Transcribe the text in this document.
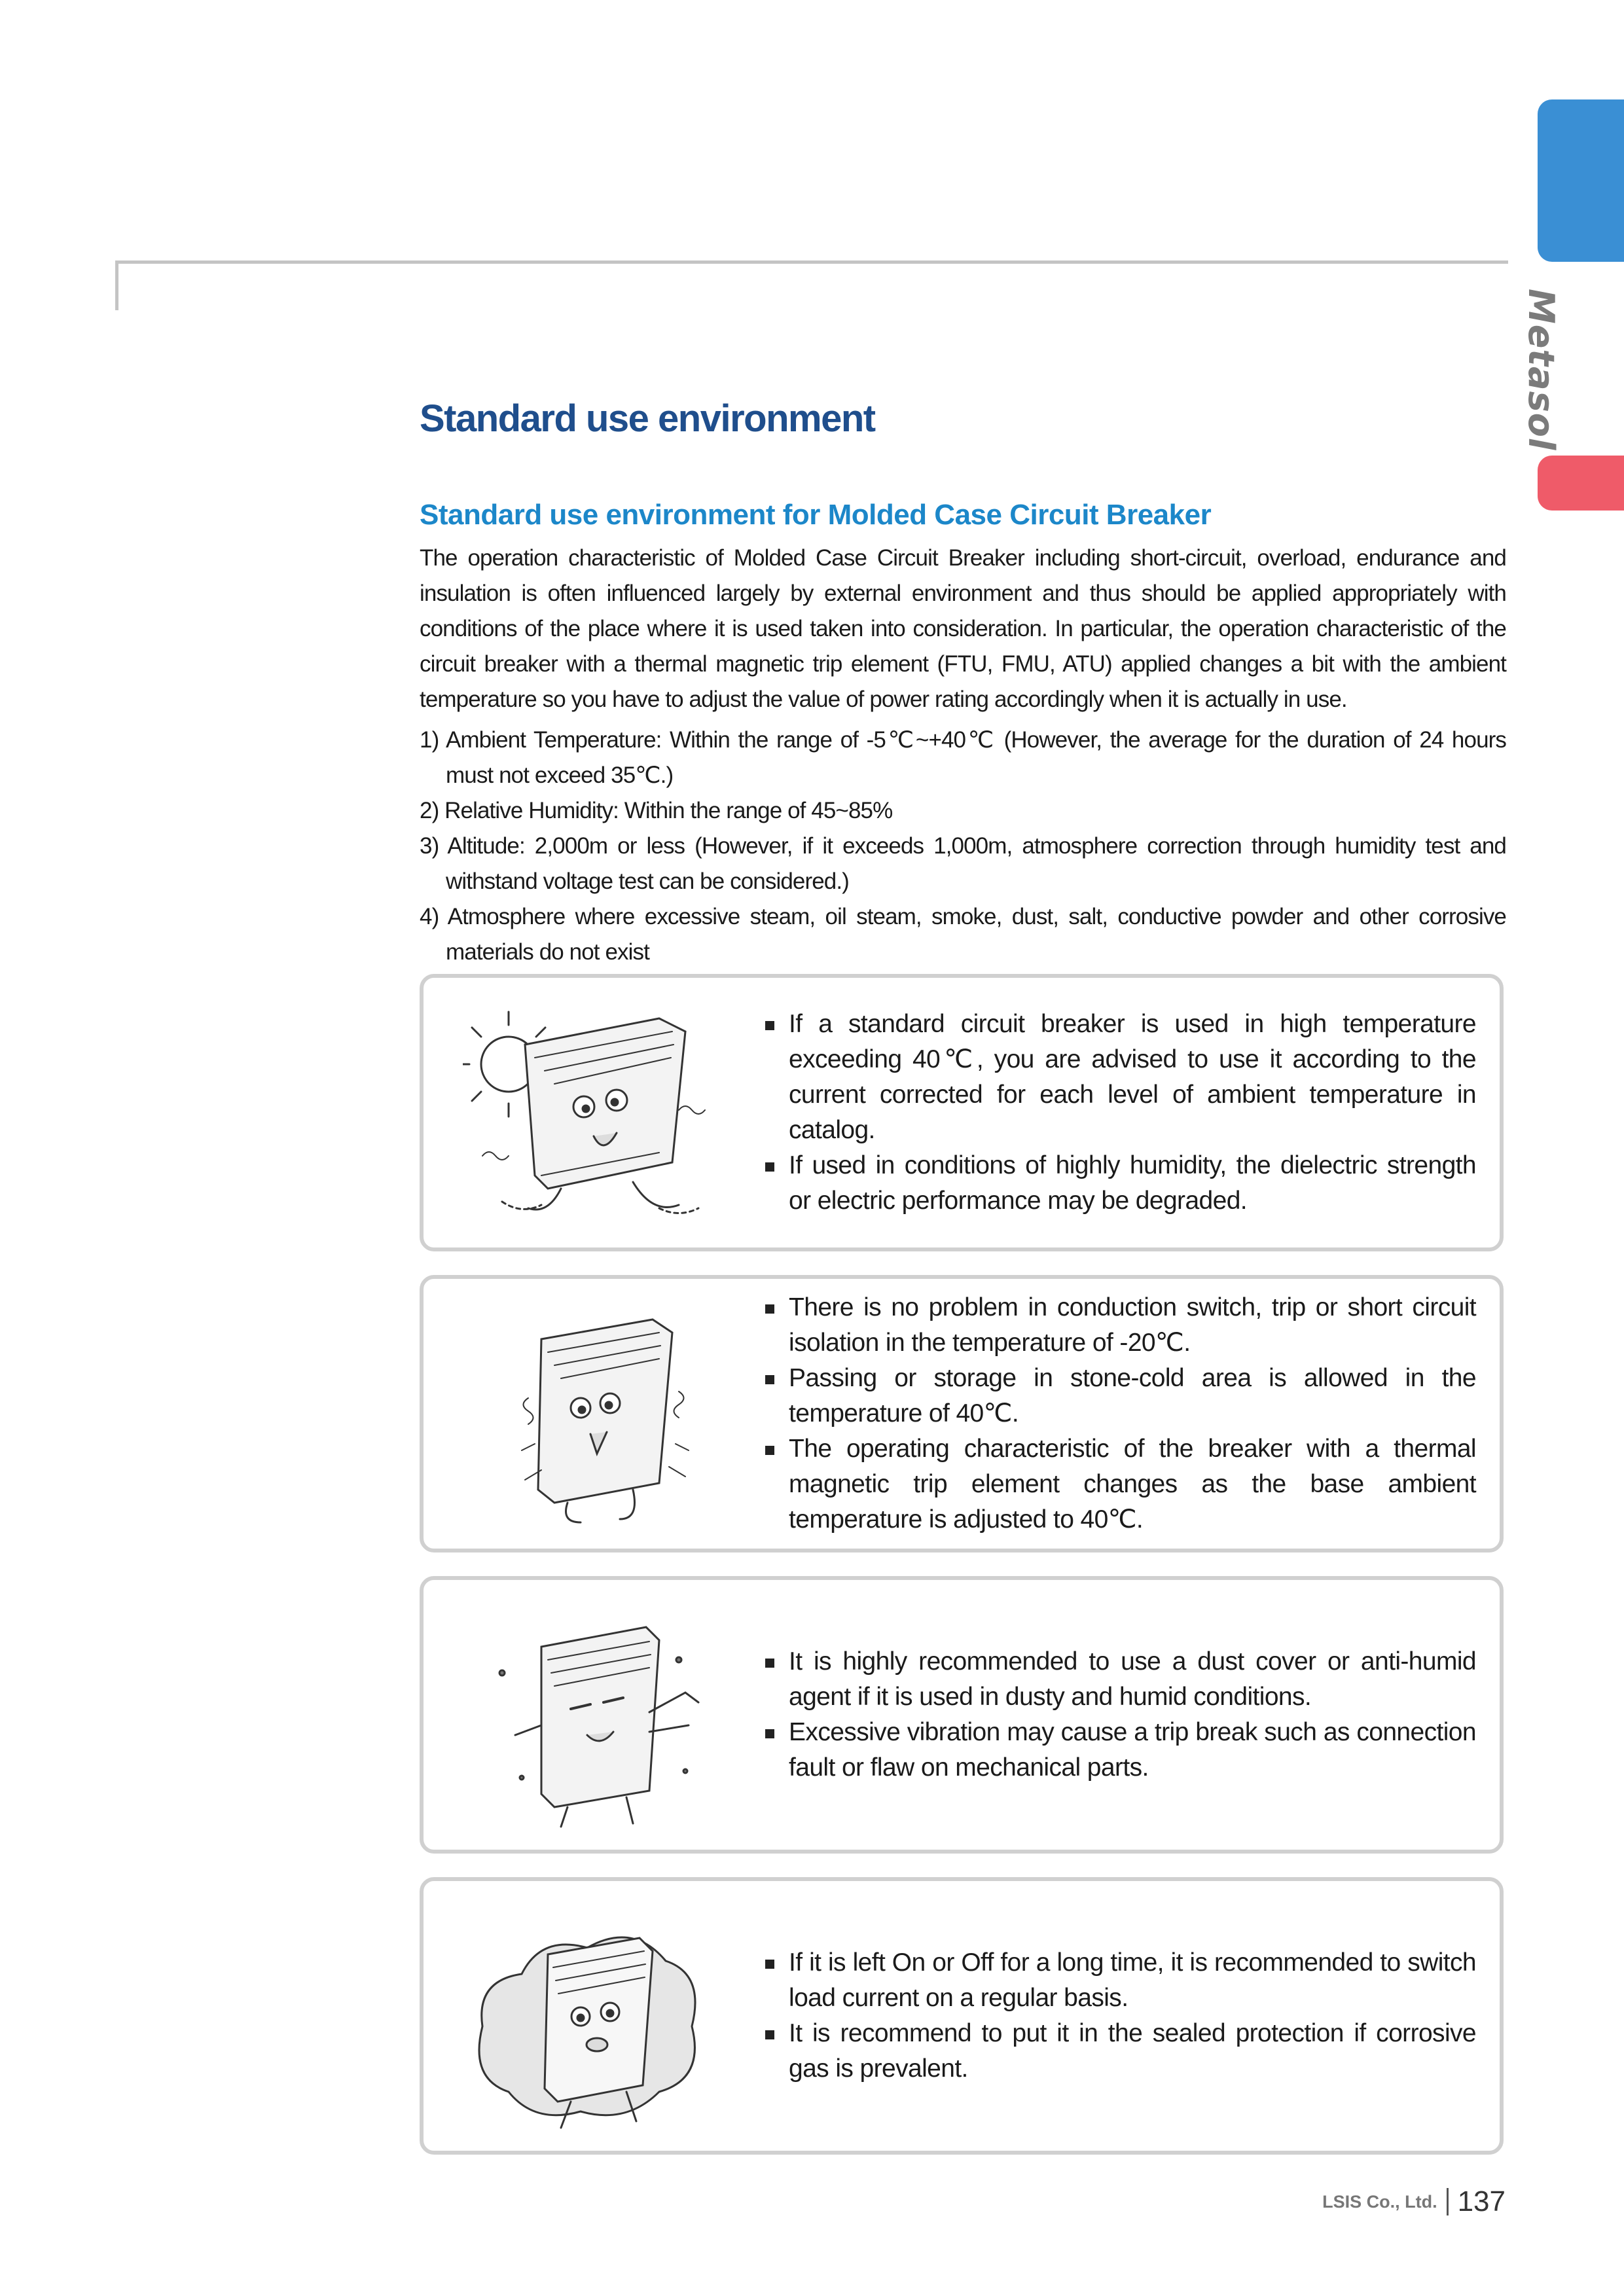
Metasol
Standard use environment
Standard use environment for Molded Case Circuit Breaker

The operation characteristic of Molded Case Circuit Breaker including short-circuit, overload, endurance and insulation is often influenced largely by external environment and thus should be applied appropriately with conditions of the place where it is used taken into consideration. In particular, the operation characteristic of the circuit breaker with a thermal magnetic trip element (FTU, FMU, ATU) applied changes a bit with the ambient temperature so you have to adjust the value of power rating accordingly when it is actually in use.

1) Ambient Temperature: Within the range of -5℃~+40℃ (However, the average for the duration of 24 hours must not exceed 35℃.)
2) Relative Humidity: Within the range of 45~85%
3) Altitude: 2,000m or less (However, if it exceeds 1,000m, atmosphere correction through humidity test and withstand voltage test can be considered.)
4) Atmosphere where excessive steam, oil steam, smoke, dust, salt, conductive powder and other corrosive materials do not exist
If a standard circuit breaker is used in high temperature exceeding 40℃, you are advised to use it according to the current corrected for each level of ambient temperature in catalog.
If used in conditions of highly humidity, the dielectric strength or electric performance may be degraded.
There is no problem in conduction switch, trip or short circuit isolation in the temperature of -20℃.
Passing or storage in stone-cold area is allowed in the temperature of 40℃.
The operating characteristic of the breaker with a thermal magnetic trip element changes as the base ambient temperature is adjusted to 40℃.
It is highly recommended to use a dust cover or anti-humid agent if it is used in dusty and humid conditions.
Excessive vibration may cause a trip break such as connection fault or flaw on mechanical parts.
If it is left On or Off for a long time, it is recommended to switch load current on a regular basis.
It is recommend to put it in the sealed protection if corrosive gas is prevalent.
LSIS Co., Ltd. 137
